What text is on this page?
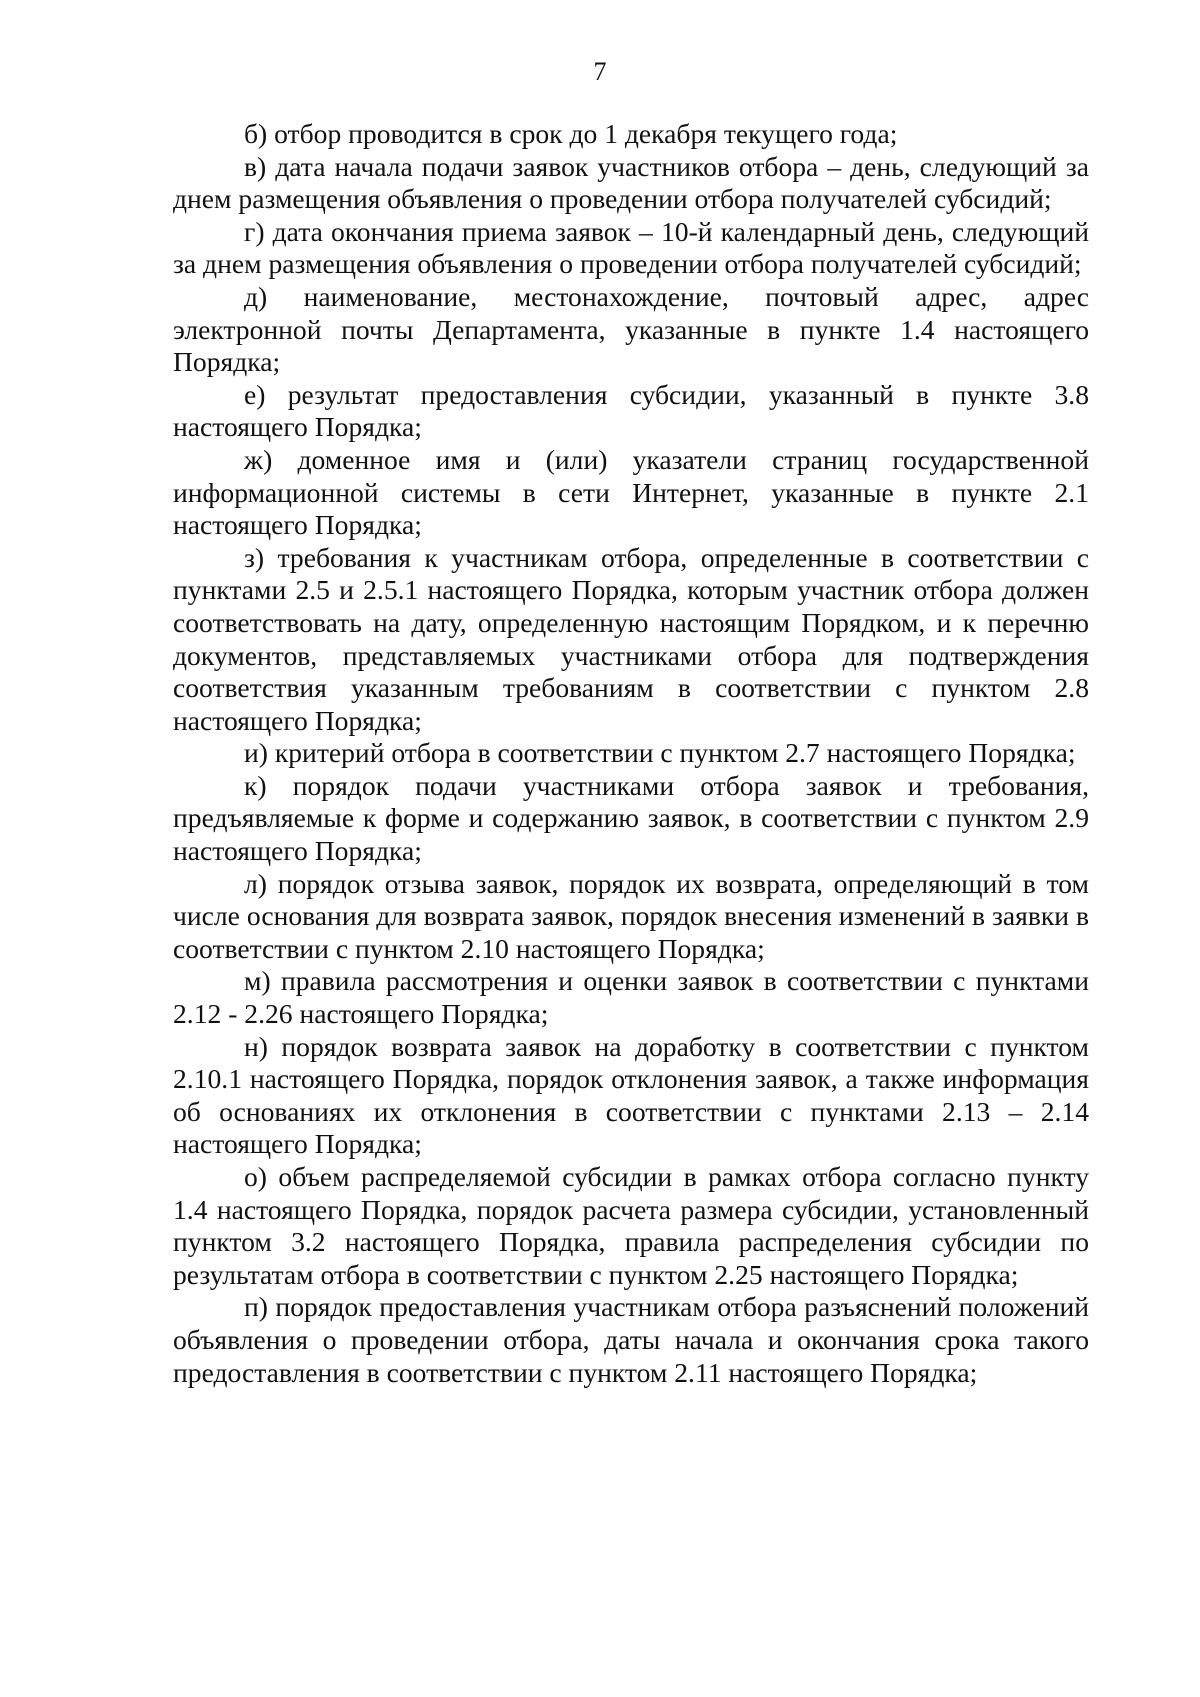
7

б) отбор проводится в срок до 1 декабря текущего года;

в) дата начала подачи заявок участников отбора – день, следующий за днем размещения объявления о проведении отбора получателей субсидий;

г) дата окончания приема заявок – 10-й календарный день, следующий за днем размещения объявления о проведении отбора получателей субсидий;

д) наименование, местонахождение, почтовый адрес, адрес электронной почты Департамента, указанные в пункте 1.4 настоящего Порядка;

е) результат предоставления субсидии, указанный в пункте 3.8 настоящего Порядка;

ж) доменное имя и (или) указатели страниц государственной информационной системы в сети Интернет, указанные в пункте 2.1 настоящего Порядка;

з) требования к участникам отбора, определенные в соответствии с пунктами 2.5 и 2.5.1 настоящего Порядка, которым участник отбора должен соответствовать на дату, определенную настоящим Порядком, и к перечню документов, представляемых участниками отбора для подтверждения соответствия указанным требованиям в соответствии с пунктом 2.8 настоящего Порядка;

и) критерий отбора в соответствии с пунктом 2.7 настоящего Порядка;

к) порядок подачи участниками отбора заявок и требования, предъявляемые к форме и содержанию заявок, в соответствии с пунктом 2.9 настоящего Порядка;

л) порядок отзыва заявок, порядок их возврата, определяющий в том числе основания для возврата заявок, порядок внесения изменений в заявки в соответствии с пунктом 2.10 настоящего Порядка;

м) правила рассмотрения и оценки заявок в соответствии с пунктами 2.12 - 2.26 настоящего Порядка;

н) порядок возврата заявок на доработку в соответствии с пунктом 2.10.1 настоящего Порядка, порядок отклонения заявок, а также информация об основаниях их отклонения в соответствии с пунктами 2.13 – 2.14 настоящего Порядка;

о) объем распределяемой субсидии в рамках отбора согласно пункту 1.4 настоящего Порядка, порядок расчета размера субсидии, установленный пунктом 3.2 настоящего Порядка, правила распределения субсидии по результатам отбора в соответствии с пунктом 2.25 настоящего Порядка;

п) порядок предоставления участникам отбора разъяснений положений объявления о проведении отбора, даты начала и окончания срока такого предоставления в соответствии с пунктом 2.11 настоящего Порядка;
